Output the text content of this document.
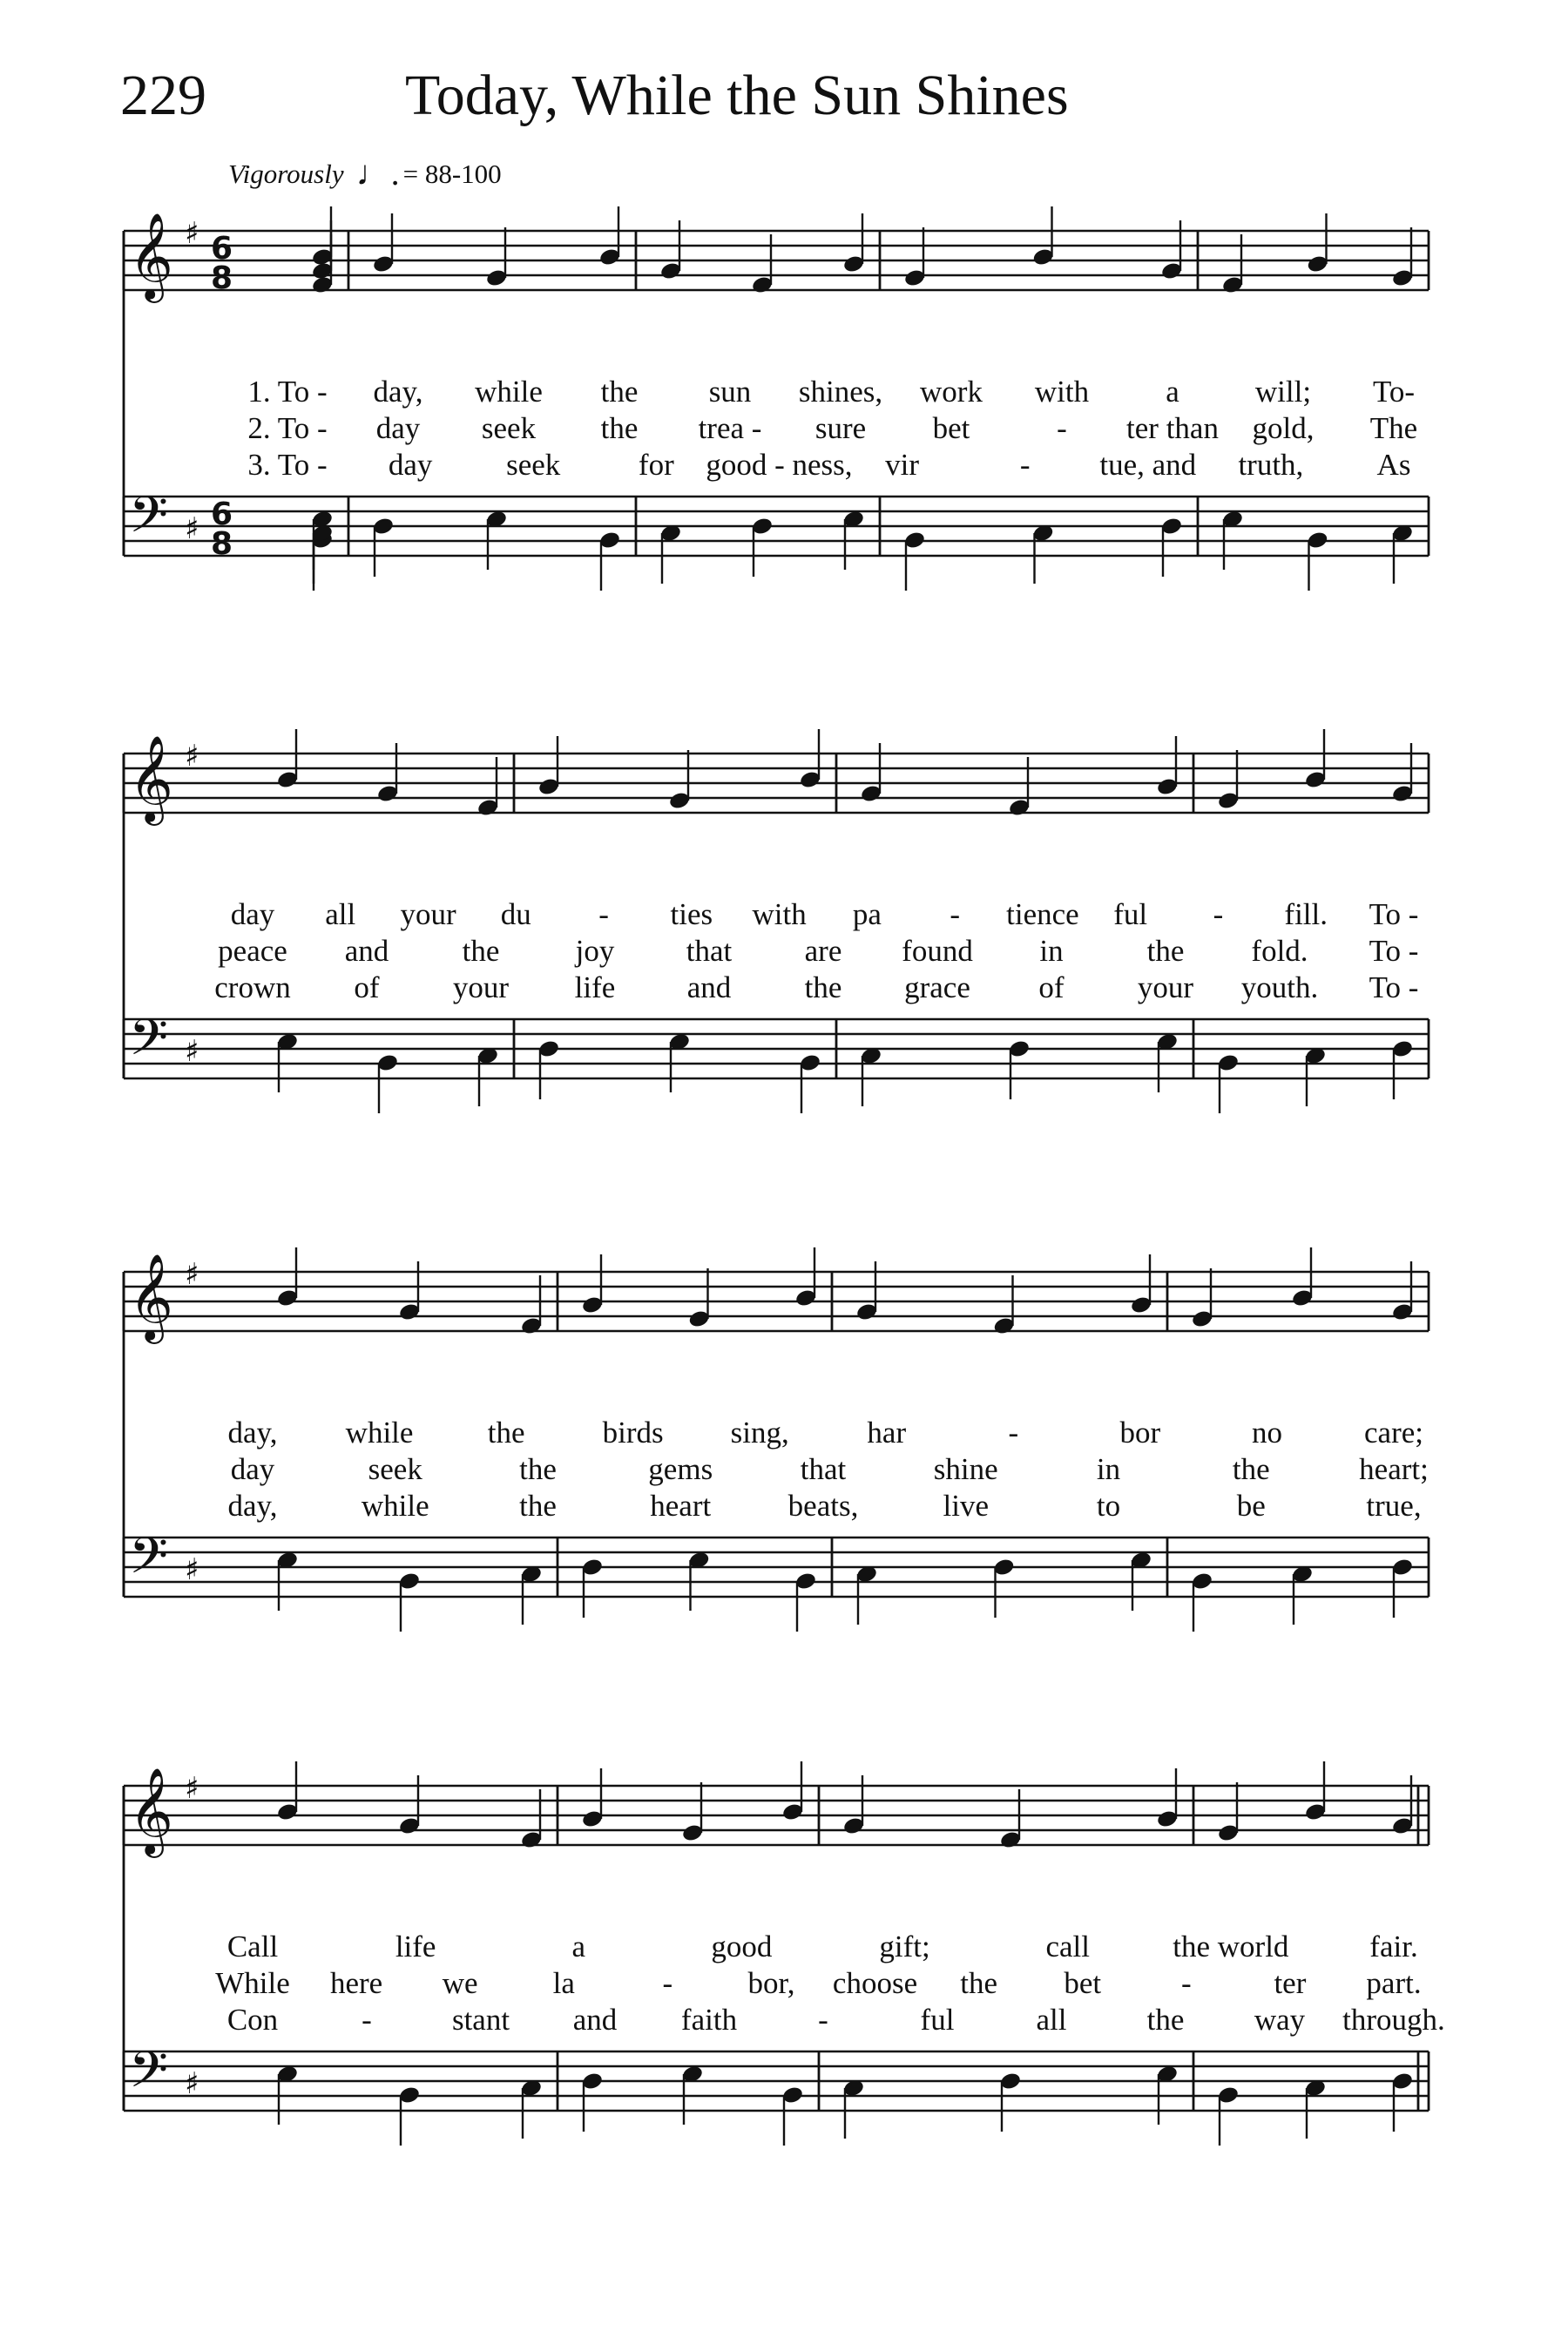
229	Today, While the Sun Shines
Vigorously ♩. = 88-100
𝄞 ♯ 6
8
𝄢 ♯ 6
8
1. To - day, while the sun shines, work with	a will; To-
2. To - day seek the trea - sure bet	- ter than gold, The
3. To - day seek	for good - ness, vir	- tue, and truth, As
𝄞 ♯
𝄢 ♯
day all your du - ties with pa - tience ful - fill. To -
peace and the joy that are found in	the fold. To -
crown of your life and the grace of your youth. To -
𝄞 ♯
𝄢 ♯
day, while the	birds sing,	har	-	bor	no	care;
day	seek	the	gems	that	shine	in	the	heart;
day,	while	the	heart	beats,	live	to	be	true,
𝄞 ♯
𝄢 ♯
Call	life	a	good	gift;	call	the world	fair.
While here we la	- bor, choose the bet	-	ter part.
Con	-	stant and faith	-	ful	all	the way through.
